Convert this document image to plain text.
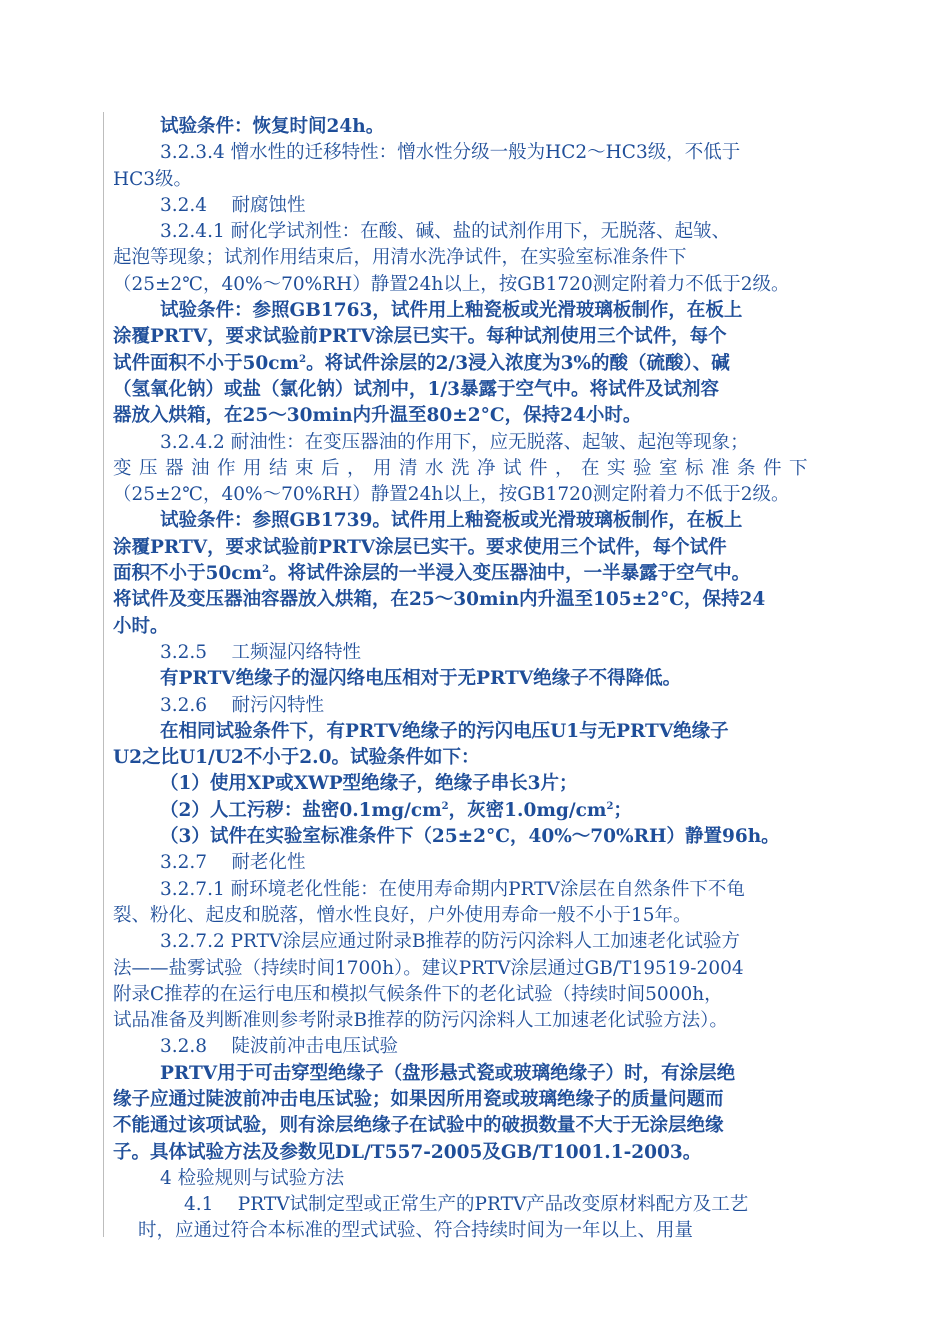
试验条件：恢复时间24h。

3.2.3.4 憎水性的迁移特性：憎水性分级一般为HC2～HC3级，不低于

HC3级。

3.2.4　 耐腐蚀性

3.2.4.1 耐化学试剂性：在酸、碱、盐的试剂作用下，无脱落、起皱、

起泡等现象；试剂作用结束后，用清水洗净试件，在实验室标准条件下

（25±2℃，40%～70%RH）静置24h以上，按GB1720测定附着力不低于2级。

试验条件：参照GB1763，试件用上釉瓷板或光滑玻璃板制作，在板上

涂覆PRTV，要求试验前PRTV涂层已实干。每种试剂使用三个试件，每个

试件面积不小于$50cm^2$。将试件涂层的2/3浸入浓度为3%的酸（硫酸）、碱

（氢氧化钠）或盐（氯化钠）试剂中，1/3暴露于空气中。将试件及试剂容

器放入烘箱，在25～30min内升温至80±2°C，保持24小时。

3.2.4.2 耐油性：在变压器油的作用下，应无脱落、起皱、起泡等现象；

变压器油作用结束后，用清水洗净试件，在实验室标准条件下

（25±2℃，40%～70%RH）静置24h以上，按GB1720测定附着力不低于2级。

试验条件：参照GB1739。试件用上釉瓷板或光滑玻璃板制作，在板上

涂覆PRTV，要求试验前PRTV涂层已实干。要求使用三个试件，每个试件

面积不小于$50cm^2$。将试件涂层的一半浸入变压器油中，一半暴露于空气中。

将试件及变压器油容器放入烘箱，在25～30min内升温至105±2°C，保持24

小时。

3.2.5　 工频湿闪络特性

有PRTV绝缘子的湿闪络电压相对于无PRTV绝缘子不得降低。

3.2.6　 耐污闪特性

在相同试验条件下，有PRTV绝缘子的污闪电压U1与无PRTV绝缘子

U2之比U1/U2不小于2.0。试验条件如下：

（1）使用XP或XWP型绝缘子，绝缘子串长3片；

（2）人工污秽：盐密$0.1mg/cm^2$，灰密$1.0mg/cm^2$；

（3）试件在实验室标准条件下（25±2°C，40%～70%RH）静置96h。

3.2.7　 耐老化性

3.2.7.1 耐环境老化性能：在使用寿命期内PRTV涂层在自然条件下不龟

裂、粉化、起皮和脱落，憎水性良好，户外使用寿命一般不小于15年。

3.2.7.2 PRTV涂层应通过附录B推荐的防污闪涂料人工加速老化试验方

法——盐雾试验（持续时间1700h）。建议PRTV涂层通过GB/T19519-2004

附录C推荐的在运行电压和模拟气候条件下的老化试验（持续时间5000h，

试品准备及判断准则参考附录B推荐的防污闪涂料人工加速老化试验方法）。

3.2.8　 陡波前冲击电压试验

PRTV用于可击穿型绝缘子（盘形悬式瓷或玻璃绝缘子）时，有涂层绝

缘子应通过陡波前冲击电压试验；如果因所用瓷或玻璃绝缘子的质量问题而

不能通过该项试验，则有涂层绝缘子在试验中的破损数量不大于无涂层绝缘

子。具体试验方法及参数见DL/T557-2005及GB/T1001.1-2003。

4 检验规则与试验方法

4.1　 PRTV试制定型或正常生产的PRTV产品改变原材料配方及工艺

时，应通过符合本标准的型式试验、符合持续时间为一年以上、用量
